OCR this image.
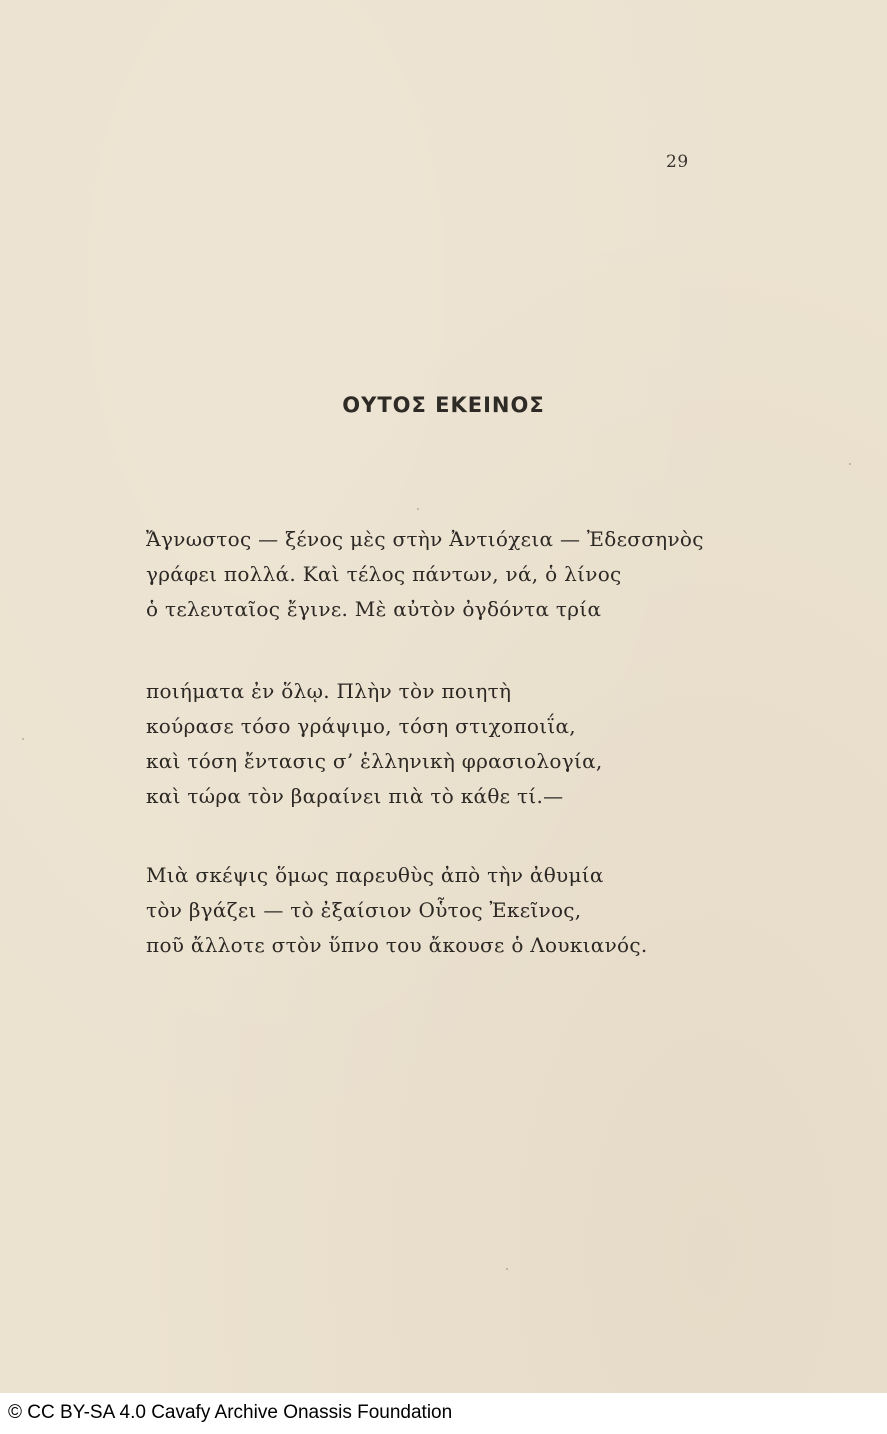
29
ΟΥΤΟΣ ΕΚΕΙΝΟΣ
Ἄγνωστος — ξένος μὲς στὴν Ἀντιόχεια — Ἐδεσσηνὸς
γράφει πολλά. Καὶ τέλος πάντων, νά, ὁ λίνος
ὁ τελευταῖος ἔγινε. Μὲ αὐτὸν ὀγδόντα τρία
ποιήματα ἐν ὅλῳ. Πλὴν τὸν ποιητὴ
κούρασε τόσο γράψιμο, τόση στιχοποιΐα,
καὶ τόση ἔντασις σ’ ἑλληνικὴ φρασιολογία,
καὶ τώρα τὸν βαραίνει πιὰ τὸ κάθε τί.—
Μιὰ σκέψις ὅμως παρευθὺς ἀπὸ τὴν ἀθυμία
τὸν βγάζει — τὸ ἐξαίσιον Οὗτος Ἐκεῖνος,
ποῦ ἄλλοτε στὸν ὕπνο του ἄκουσε ὁ Λουκιανός.
© CC BY-SA 4.0 Cavafy Archive Onassis Foundation
